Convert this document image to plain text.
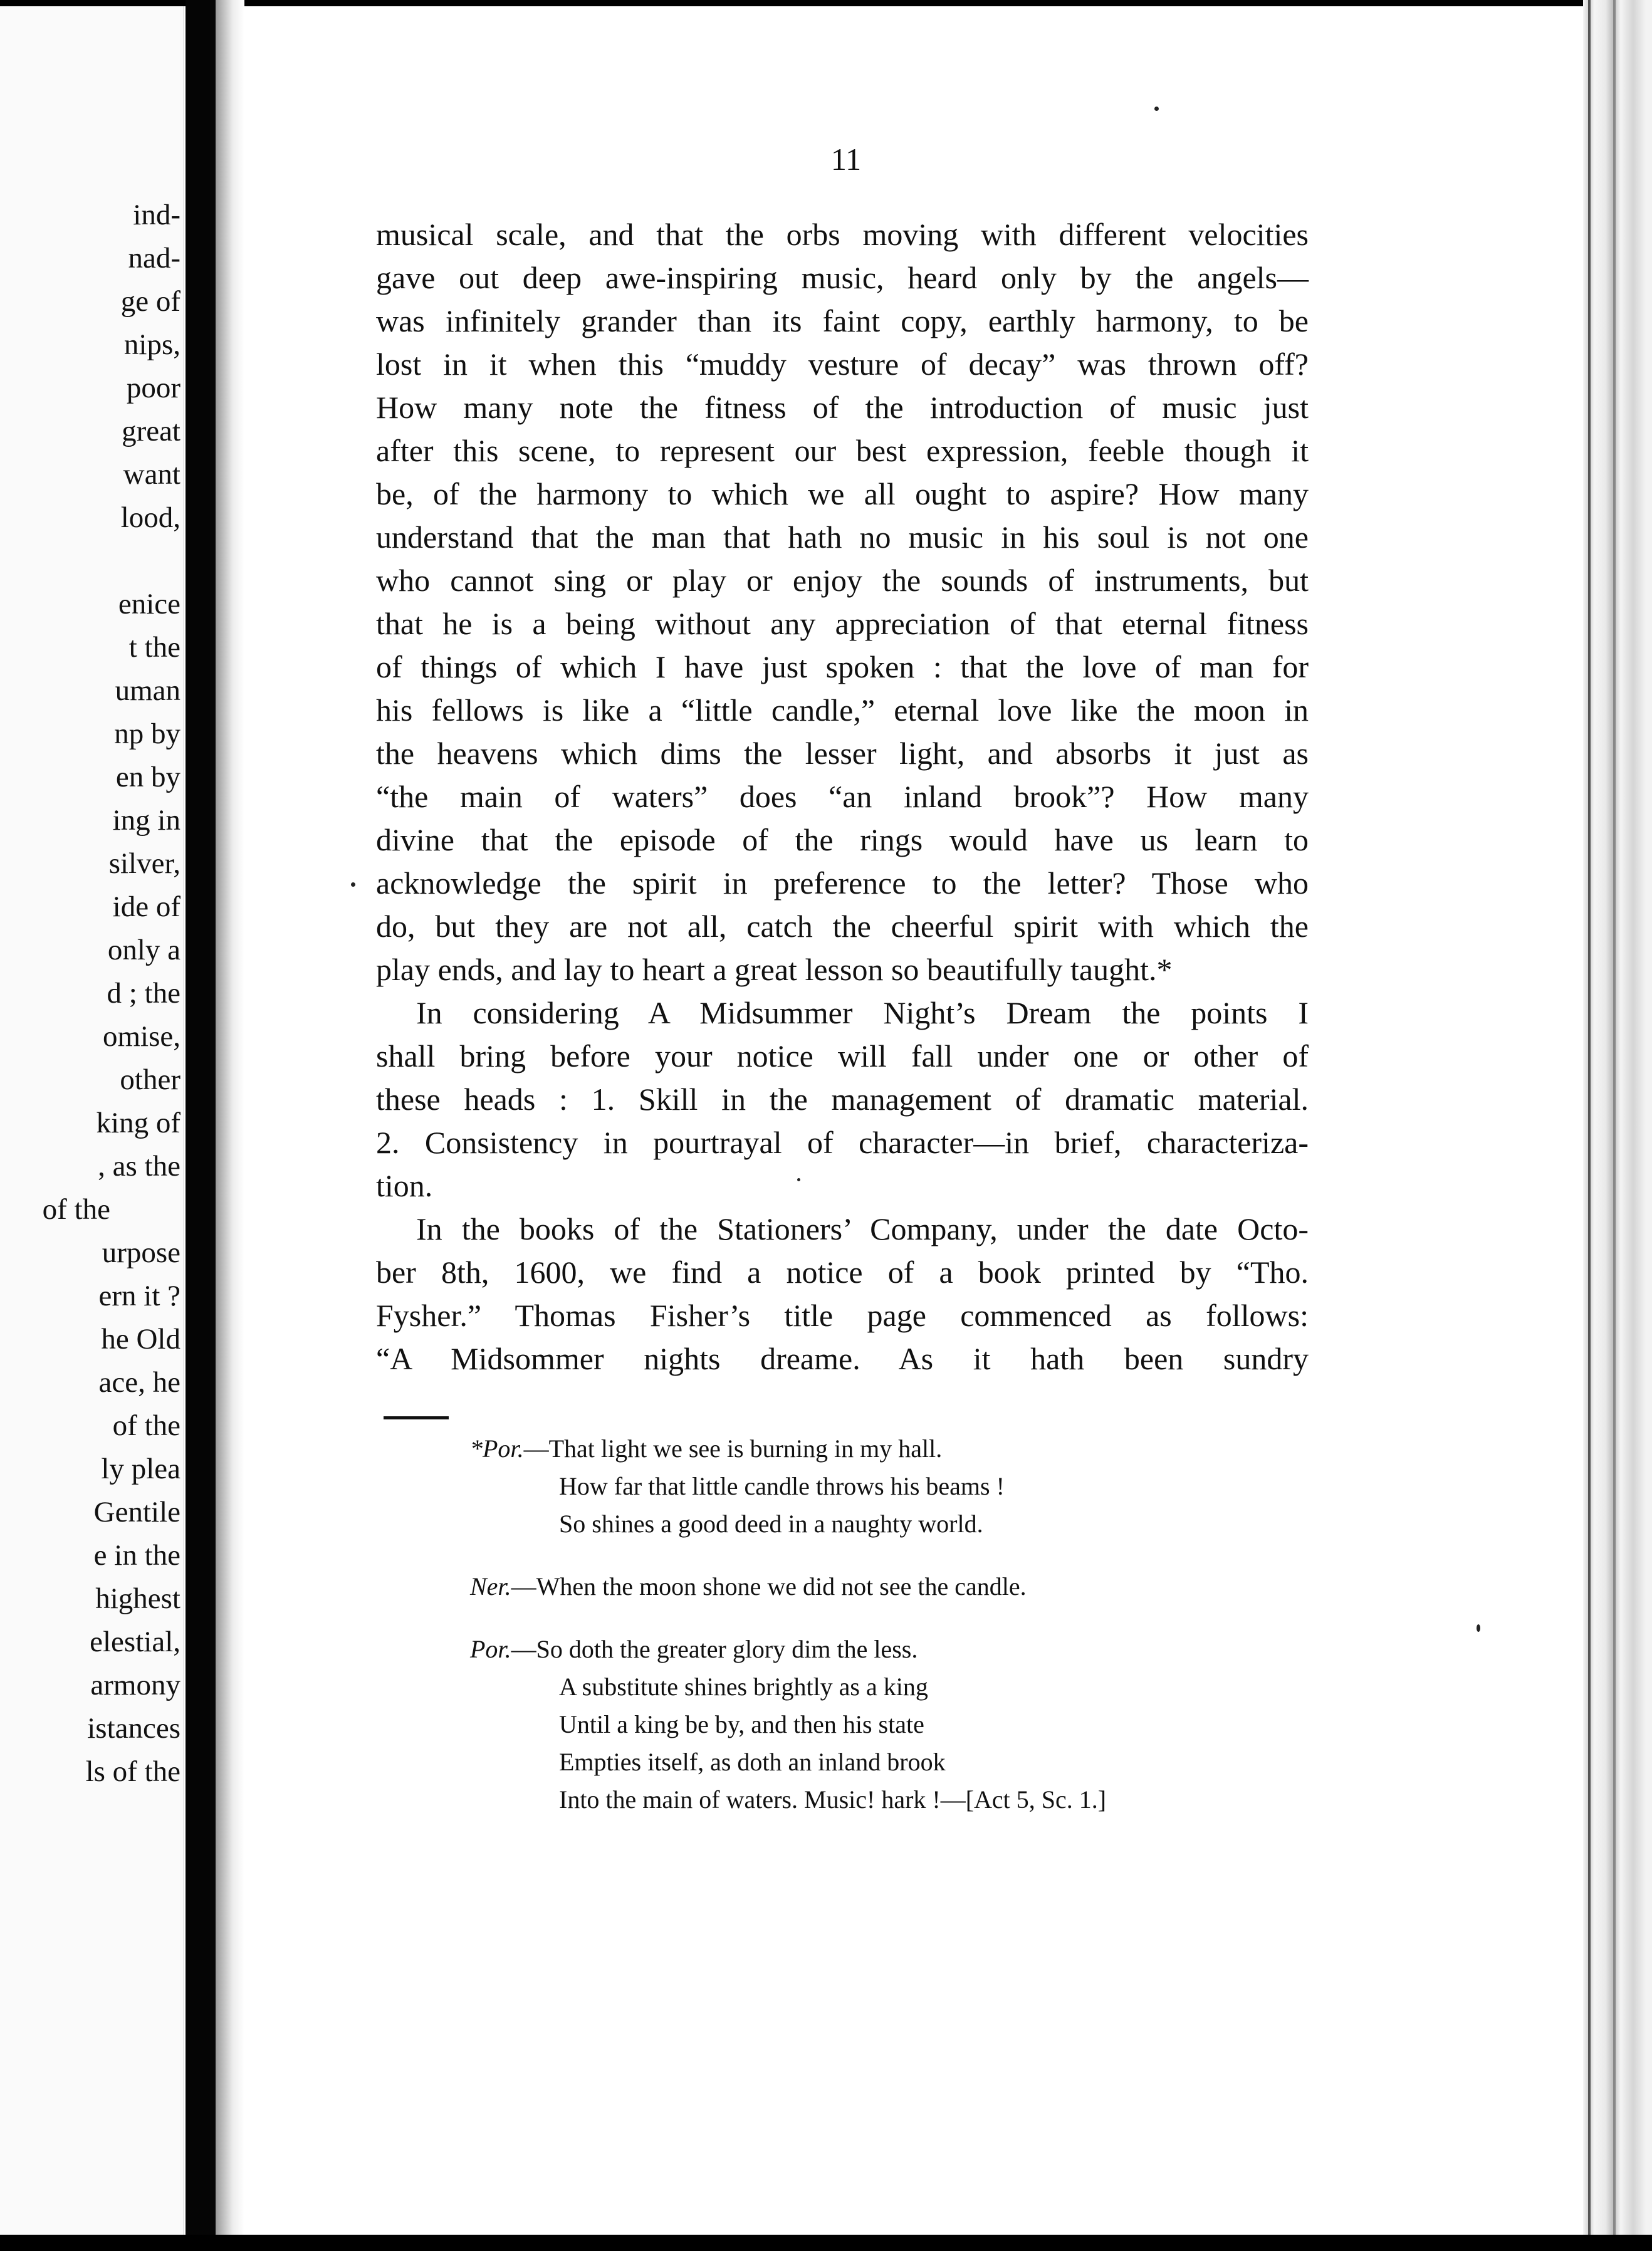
ind-
nad-
ge of
nips,
poor
great
want
lood,
enice
t the
uman
np by
en by
ing in
silver,
ide of
only a
d ; the
omise,
other
king of
, as the
of the
urpose
ern it ?
he Old
ace, he
of the
ly plea
Gentile
e in the
highest
elestial,
armony
istances
ls of the
11
musical scale, and that the orbs moving with different velocities
gave out deep awe-inspiring music, heard only by the angels—
was infinitely grander than its faint copy, earthly harmony, to be
lost in it when this “muddy vesture of decay” was thrown off?
How many note the fitness of the introduction of music just
after this scene, to represent our best expression, feeble though it
be, of the harmony to which we all ought to aspire? How many
understand that the man that hath no music in his soul is not one
who cannot sing or play or enjoy the sounds of instruments, but
that he is a being without any appreciation of that eternal fitness
of things of which I have just spoken : that the love of man for
his fellows is like a “little candle,” eternal love like the moon in
the heavens which dims the lesser light, and absorbs it just as
“the main of waters” does “an inland brook”? How many
divine that the episode of the rings would have us learn to
acknowledge the spirit in preference to the letter? Those who
do, but they are not all, catch the cheerful spirit with which the
play ends, and lay to heart a great lesson so beautifully taught.*
In considering A Midsummer Night’s Dream the points I
shall bring before your notice will fall under one or other of
these heads : 1. Skill in the management of dramatic material.
2. Consistency in pourtrayal of character—in brief, characteriza-
tion.
In the books of the Stationers’ Company, under the date Octo-
ber 8th, 1600, we find a notice of a book printed by “Tho.
Fysher.” Thomas Fisher’s title page commenced as follows:
“A Midsommer nights dreame. As it hath been sundry
*Por.—That light we see is burning in my hall.
How far that little candle throws his beams !
So shines a good deed in a naughty world.
Ner.—When the moon shone we did not see the candle.
Por.—So doth the greater glory dim the less.
A substitute shines brightly as a king
Until a king be by, and then his state
Empties itself, as doth an inland brook
Into the main of waters. Music! hark !—[Act 5, Sc. 1.]
